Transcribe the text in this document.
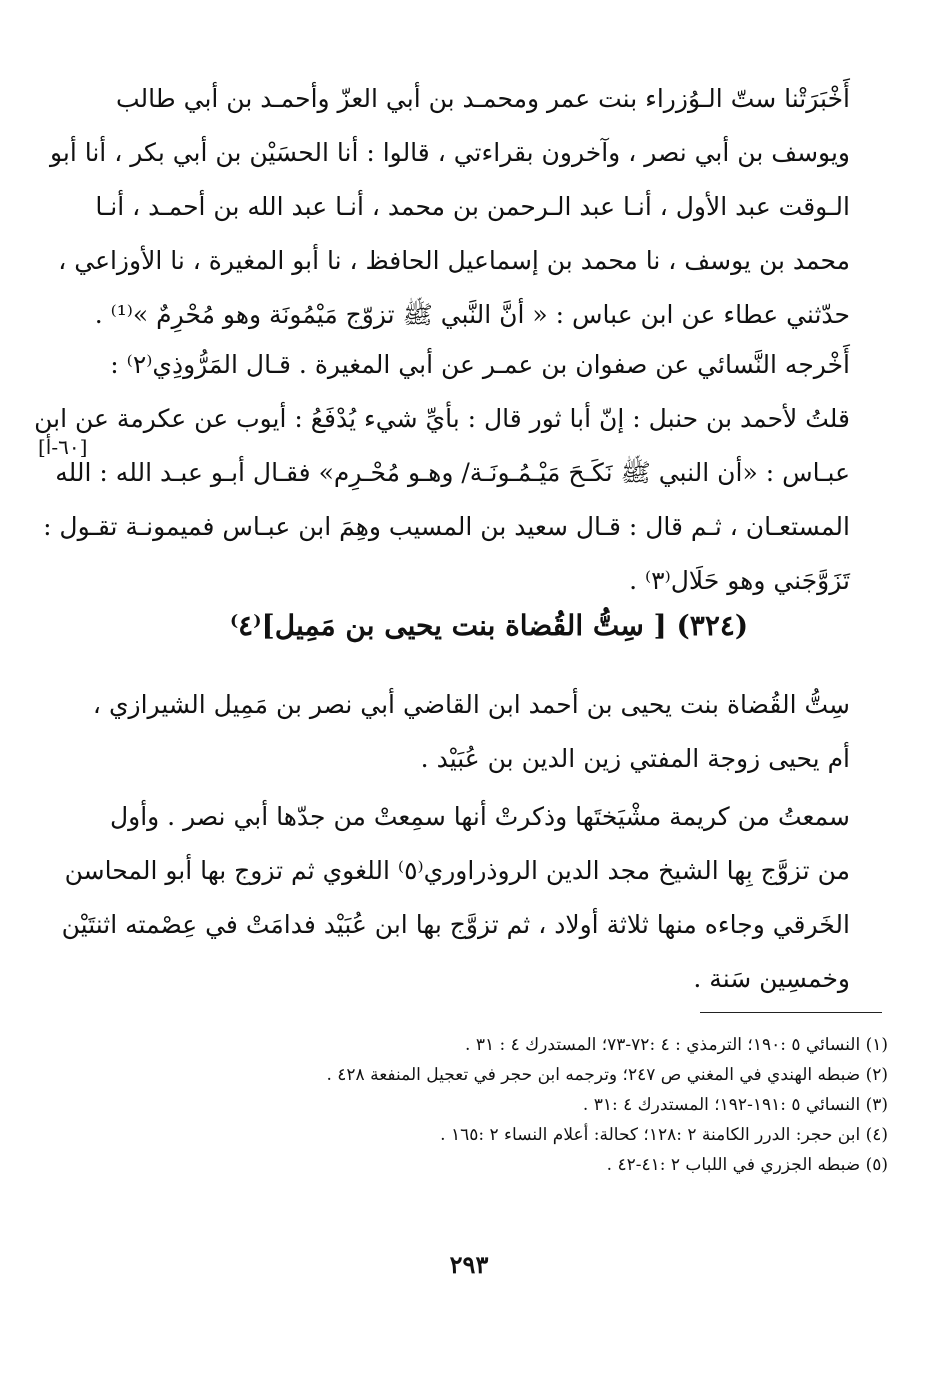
أَخْبَرَتْنا ستّ الـوُزراء بنت عمر ومحمـد بن أبي العزّ وأحمـد بن أبي طالب
ويوسف بن أبي نصر ، وآخرون بقراءتي ، قالوا : أنا الحسَيْن بن أبي بكر ، أنا أبو
الـوقت عبد الأول ، أنـا عبد الـرحمن بن محمد ، أنـا عبد الله بن أحمـد ، أنـا
محمد بن يوسف ، نا محمد بن إسماعيل الحافظ ، نا أبو المغيرة ، نا الأوزاعي ،
حدّثني عطاء عن ابن عباس : « أنَّ النَّبي ﷺ تزوّج مَيْمُونَة وهو مُحْرِمٌ »⁽¹⁾ .
أَخْرجه النَّسائي عن صفوان بن عمـر عن أبي المغيرة . قـال المَرُّوذِي⁽٢⁾ :
قلتُ لأحمد بن حنبل : إنّ أبا ثور قال : بأيِّ شيء يُدْفَعُ : أيوب عن عكرمة عن ابن
عبـاس : «أن النبي ﷺ نَكَـحَ مَيْـمُـونَـة/ وهـو مُحْـرِم» فقـال أبـو عبـد الله : الله
المستعـان ، ثـم قال : قـال سعيد بن المسيب وهِمَ ابن عبـاس فميمونـة تقـول :
تَزَوَّجَني وهو حَلَال⁽٣⁾ .
[٦٠-أ]
(٣٢٤) [ سِتُّ القُضاة بنت يحيى بن مَمِيل]⁽٤⁾
سِتُّ القُضاة بنت يحيى بن أحمد ابن القاضي أبي نصر بن مَمِيل الشيرازي ،
أم يحيى زوجة المفتي زين الدين بن عُبَيْد .
سمعتُ من كريمة مشْيَختَها وذكرتْ أنها سمِعتْ من جدّها أبي نصر . وأول
من تزوَّج بِها الشيخ مجد الدين الروذراوري⁽٥⁾ اللغوي ثم تزوج بها أبو المحاسن
الخَرقي وجاءه منها ثلاثة أولاد ، ثم تزوَّج بها ابن عُبَيْد فدامَتْ في عِصْمته اثنتَيْن
وخمسِين سَنة .
(١) النسائي ٥ :١٩٠؛ الترمذي : ٤ :٧٢-٧٣؛ المستدرك ٤ : ٣١ .
(٢) ضبطه الهندي في المغني ص ٢٤٧؛ وترجمه ابن حجر في تعجيل المنفعة ٤٢٨ .
(٣) النسائي ٥ :١٩١-١٩٢؛ المستدرك ٤ :٣١ .
(٤) ابن حجر: الدرر الكامنة ٢ :١٢٨؛ كحالة: أعلام النساء ٢ :١٦٥ .
(٥) ضبطه الجزري في اللباب ٢ :٤١-٤٢ .
٢٩٣
